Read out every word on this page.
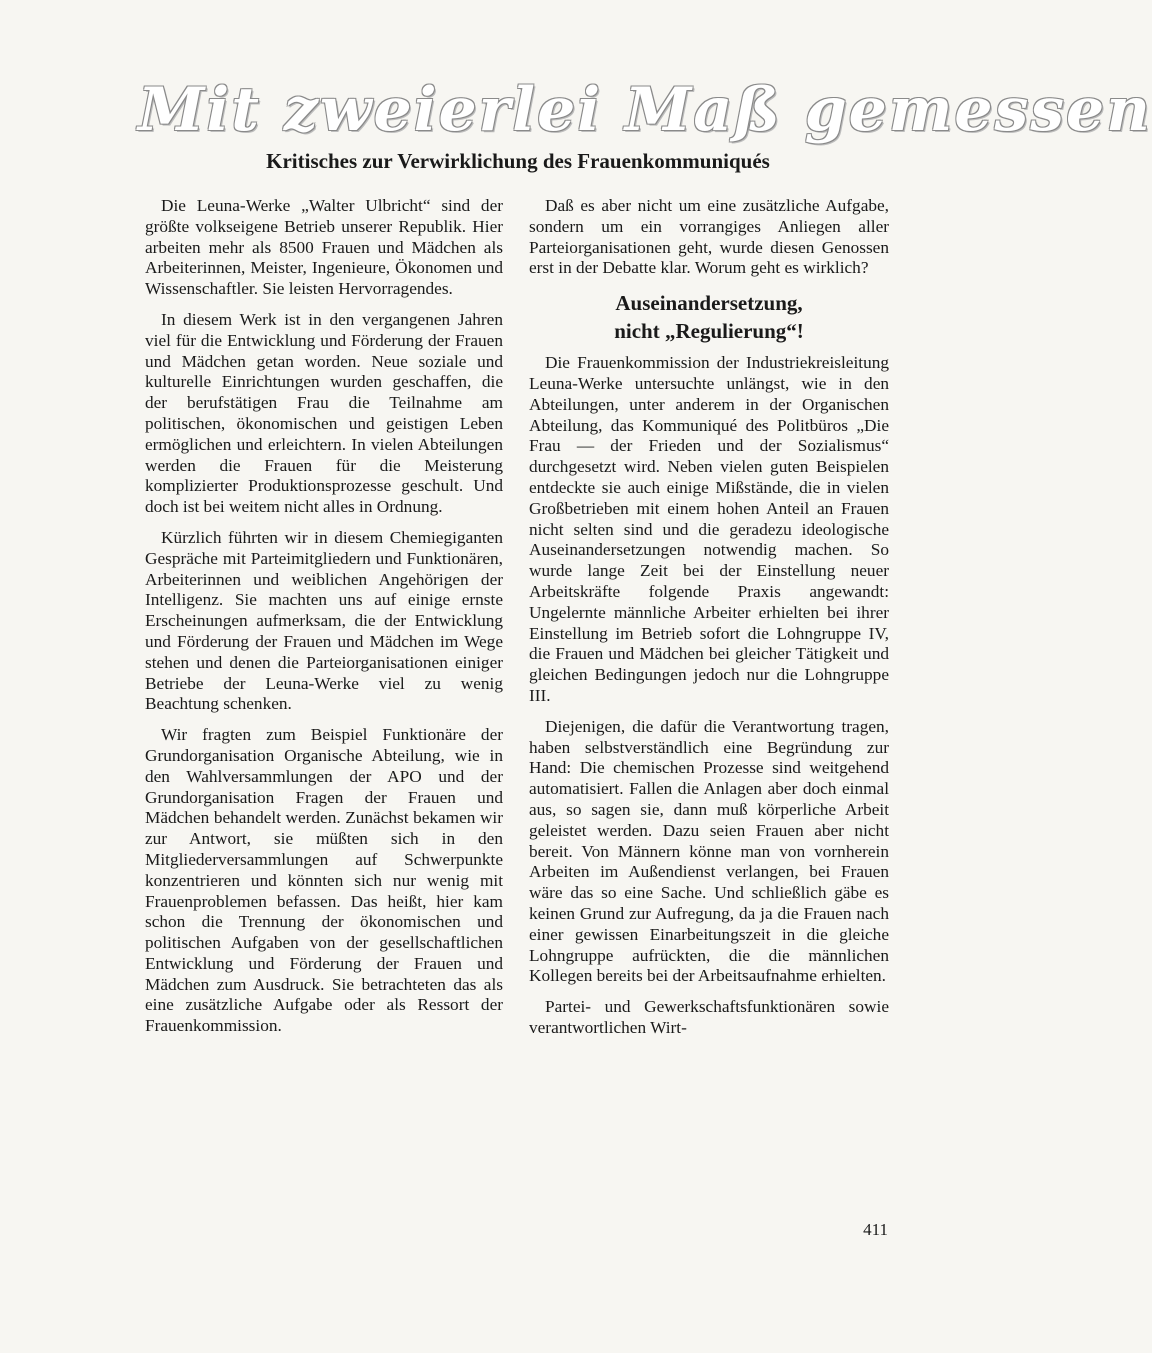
Mit zweierlei Maß gemessen
Kritisches zur Verwirklichung des Frauenkommuniqués

Die Leuna-Werke „Walter Ulbricht“ sind der größte volkseigene Betrieb unserer Republik. Hier arbeiten mehr als 8500 Frauen und Mädchen als Arbeiterinnen, Meister, Ingenieure, Ökonomen und Wissenschaftler. Sie leisten Hervorragendes.

In diesem Werk ist in den vergangenen Jahren viel für die Entwicklung und Förderung der Frauen und Mädchen getan worden. Neue soziale und kulturelle Einrichtungen wurden geschaffen, die der berufstätigen Frau die Teilnahme am politischen, ökonomischen und geistigen Leben ermöglichen und erleichtern. In vielen Abteilungen werden die Frauen für die Meisterung komplizierter Produktionsprozesse geschult. Und doch ist bei weitem nicht alles in Ordnung.

Kürzlich führten wir in diesem Chemiegiganten Gespräche mit Parteimitgliedern und Funktionären, Arbeiterinnen und weiblichen Angehörigen der Intelligenz. Sie machten uns auf einige ernste Erscheinungen aufmerksam, die der Entwicklung und Förderung der Frauen und Mädchen im Wege stehen und denen die Parteiorganisationen einiger Betriebe der Leuna-Werke viel zu wenig Beachtung schenken.

Wir fragten zum Beispiel Funktionäre der Grundorganisation Organische Abteilung, wie in den Wahlversammlungen der APO und der Grundorganisation Fragen der Frauen und Mädchen behandelt werden. Zunächst bekamen wir zur Antwort, sie müßten sich in den Mitgliederversammlungen auf Schwerpunkte konzentrieren und könnten sich nur wenig mit Frauenproblemen befassen. Das heißt, hier kam schon die Trennung der ökonomischen und politischen Aufgaben von der gesellschaftlichen Entwicklung und Förderung der Frauen und Mädchen zum Ausdruck. Sie betrachteten das als eine zusätzliche Aufgabe oder als Ressort der Frauenkommission.

Daß es aber nicht um eine zusätzliche Aufgabe, sondern um ein vorrangiges Anliegen aller Parteiorganisationen geht, wurde diesen Genossen erst in der Debatte klar. Worum geht es wirklich?

Auseinandersetzung,
nicht „Regulierung“!

Die Frauenkommission der Industriekreisleitung Leuna-Werke untersuchte unlängst, wie in den Abteilungen, unter anderem in der Organischen Abteilung, das Kommuniqué des Politbüros „Die Frau — der Frieden und der Sozialismus“ durchgesetzt wird. Neben vielen guten Beispielen entdeckte sie auch einige Mißstände, die in vielen Großbetrieben mit einem hohen Anteil an Frauen nicht selten sind und die geradezu ideologische Auseinandersetzungen notwendig machen. So wurde lange Zeit bei der Einstellung neuer Arbeitskräfte folgende Praxis angewandt: Ungelernte männliche Arbeiter erhielten bei ihrer Einstellung im Betrieb sofort die Lohngruppe IV, die Frauen und Mädchen bei gleicher Tätigkeit und gleichen Bedingungen jedoch nur die Lohngruppe III.

Diejenigen, die dafür die Verantwortung tragen, haben selbstverständlich eine Begründung zur Hand: Die chemischen Prozesse sind weitgehend automatisiert. Fallen die Anlagen aber doch einmal aus, so sagen sie, dann muß körperliche Arbeit geleistet werden. Dazu seien Frauen aber nicht bereit. Von Männern könne man von vornherein Arbeiten im Außendienst verlangen, bei Frauen wäre das so eine Sache. Und schließlich gäbe es keinen Grund zur Aufregung, da ja die Frauen nach einer gewissen Einarbeitungszeit in die gleiche Lohngruppe aufrückten, die die männlichen Kollegen bereits bei der Arbeitsaufnahme erhielten.

Partei- und Gewerkschaftsfunktionären sowie verantwortlichen Wirt-

411
